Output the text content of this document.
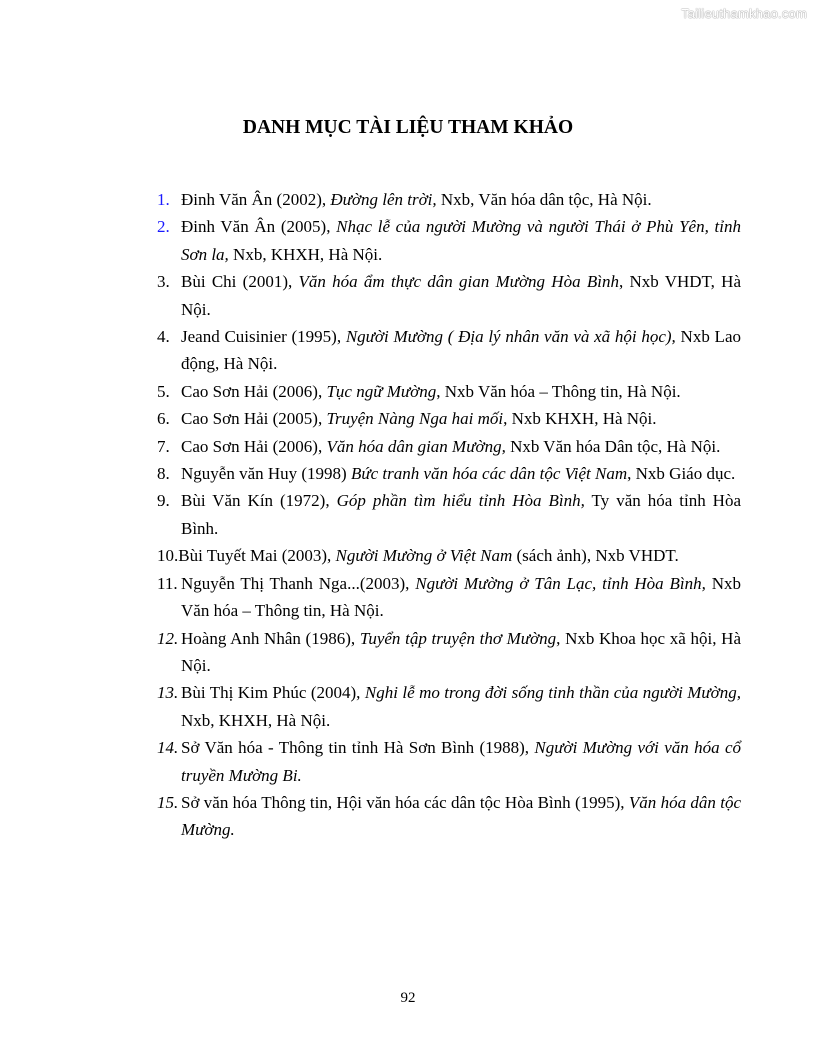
Tailieuthamkhao.com
DANH MỤC TÀI LIỆU THAM KHẢO
1. Đinh Văn Ân (2002), Đường lên trời, Nxb, Văn hóa dân tộc, Hà Nội.
2. Đinh Văn Ân (2005), Nhạc lễ của người Mường và người Thái ở Phù Yên, tỉnh Sơn la, Nxb, KHXH, Hà Nội.
3. Bùi Chi (2001), Văn hóa ẩm thực dân gian Mường Hòa Bình, Nxb VHDT, Hà Nội.
4. Jeand Cuisinier (1995), Người Mường ( Địa lý nhân văn và xã hội học), Nxb Lao động, Hà Nội.
5. Cao Sơn Hải (2006), Tục ngữ Mường, Nxb Văn hóa – Thông tin, Hà Nội.
6. Cao Sơn Hải (2005), Truyện Nàng Nga hai mối, Nxb KHXH, Hà Nội.
7. Cao Sơn Hải (2006), Văn hóa dân gian Mường, Nxb Văn hóa Dân tộc, Hà Nội.
8. Nguyễn văn Huy (1998) Bức tranh văn hóa các dân tộc Việt Nam, Nxb Giáo dục.
9. Bùi Văn Kín (1972), Góp phần tìm hiểu tỉnh Hòa Bình, Ty văn hóa tỉnh Hòa Bình.
10.Bùi Tuyết Mai (2003), Người Mường ở Việt Nam (sách ảnh), Nxb VHDT.
11. Nguyễn Thị Thanh Nga...(2003), Người Mường ở Tân Lạc, tỉnh Hòa Bình, Nxb Văn hóa – Thông tin, Hà Nội.
12. Hoàng Anh Nhân (1986), Tuyển tập truyện thơ Mường, Nxb Khoa học xã hội, Hà Nội.
13. Bùi Thị Kim Phúc (2004), Nghi lễ mo trong đời sống tinh thần của người Mường, Nxb, KHXH, Hà Nội.
14. Sở Văn hóa - Thông tin tỉnh Hà Sơn Bình (1988), Người Mường với văn hóa cổ truyền Mường Bi.
15. Sở văn hóa Thông tin, Hội văn hóa các dân tộc Hòa Bình (1995), Văn hóa dân tộc Mường.
92
